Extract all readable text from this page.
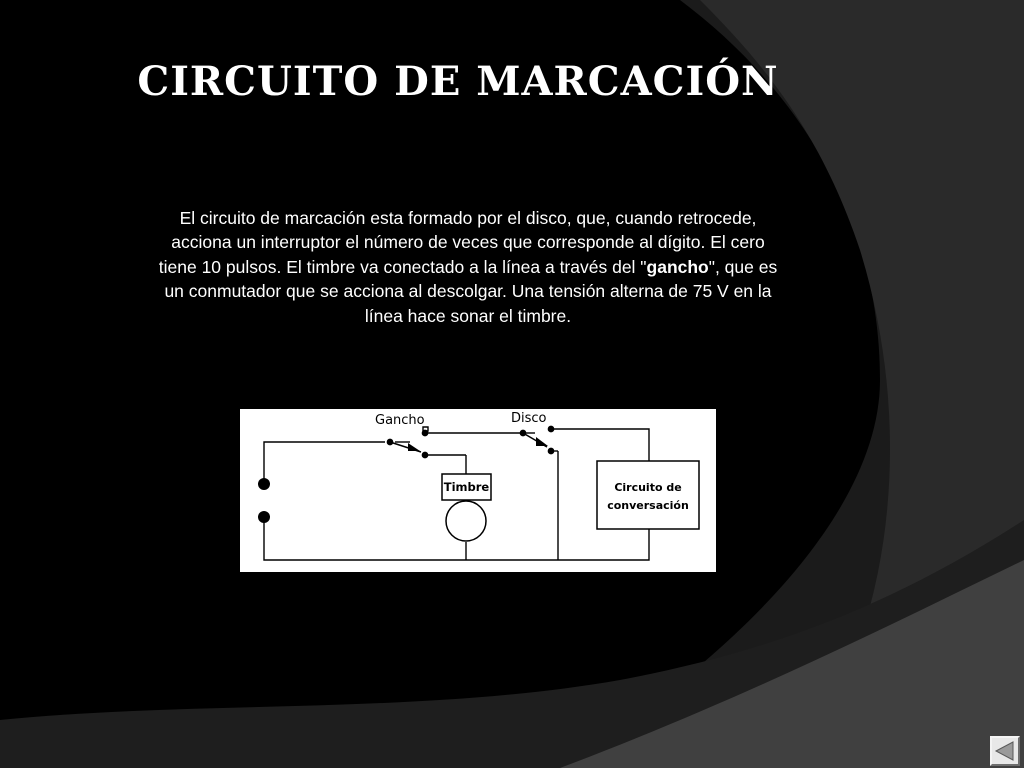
CIRCUITO DE MARCACIÓN

El circuito de marcación esta formado por el disco, que, cuando retrocede, acciona un interruptor el número de veces que corresponde al dígito. El cero tiene 10 pulsos. El timbre va conectado a la línea a través del "gancho", que es un conmutador que se acciona al descolgar. Una tensión alterna de 75 V en la línea hace sonar el timbre.

Gancho	Disco
Timbre	Circuito de
conversación
